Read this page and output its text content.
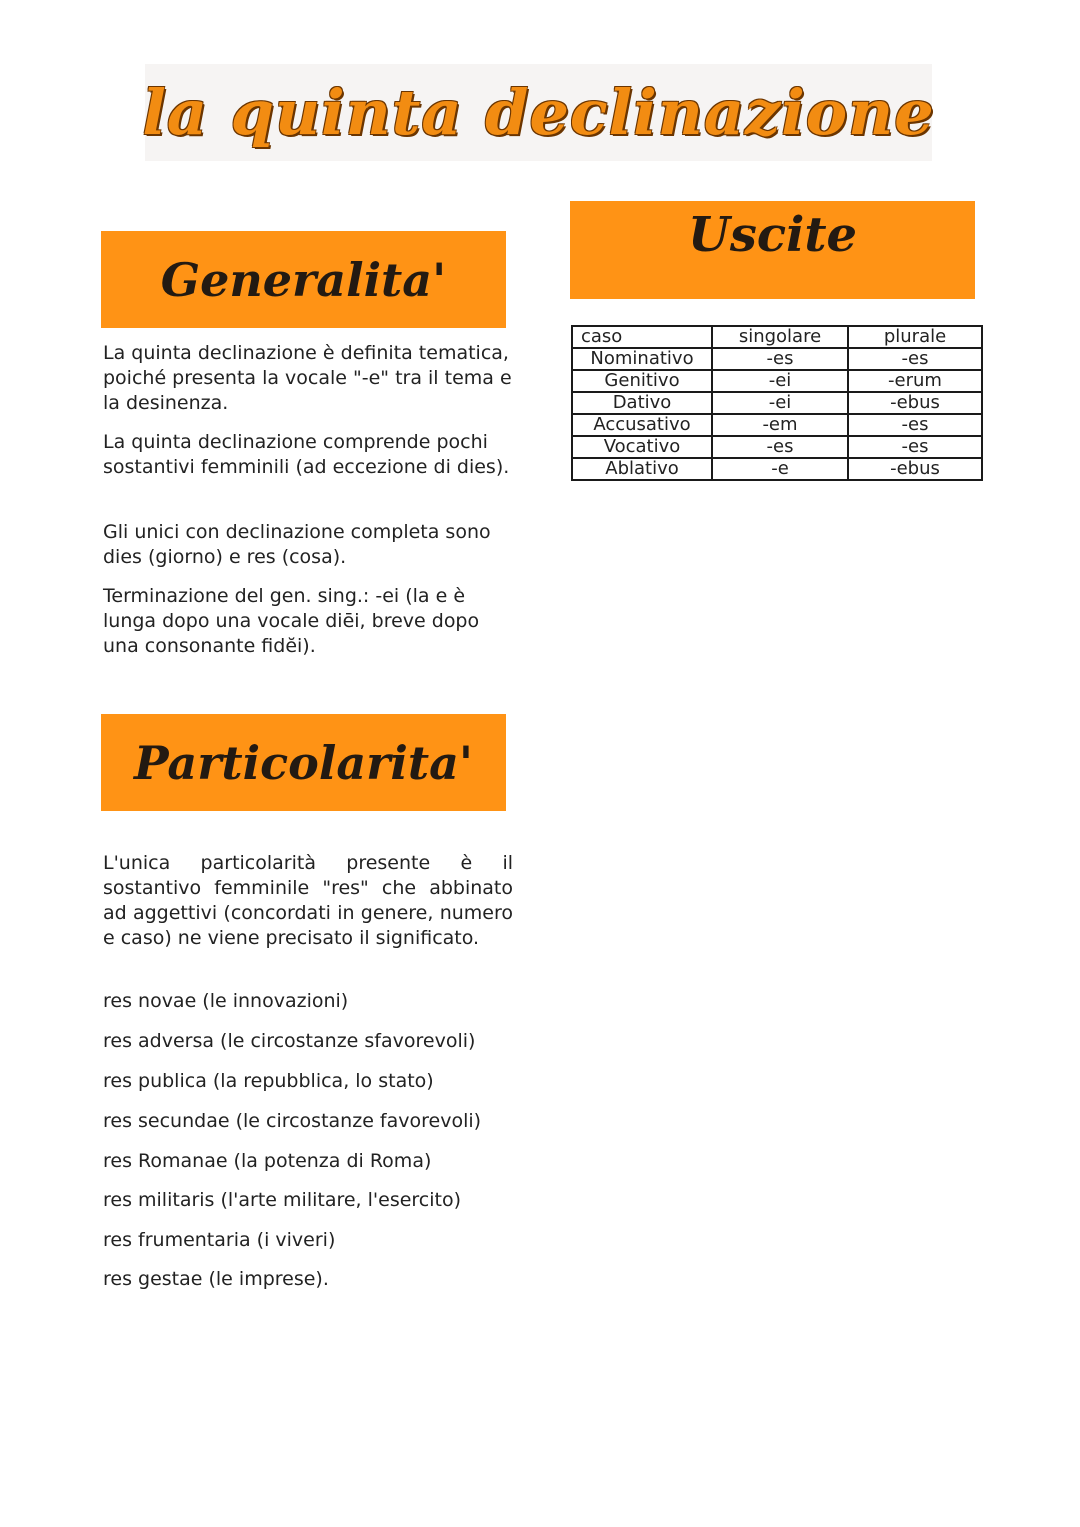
la quinta declinazione
Generalita'

La quinta declinazione è definita tematica, poiché presenta la vocale "-e" tra il tema e la desinenza.

La quinta declinazione comprende pochi sostantivi femminili (ad eccezione di dies).

Gli unici con declinazione completa sono dies (giorno) e res (cosa).

Terminazione del gen. sing.: -ei (la e è lunga dopo una vocale diēi, breve dopo una consonante fidĕi).

Uscite
caso	singolare	plurale
Nominativo	-es	-es
Genitivo	-ei	-erum
Dativo	-ei	-ebus
Accusativo	-em	-es
Vocativo	-es	-es
Ablativo	-e	-ebus
Particolarita'

L'unica particolarità presente è il sostantivo femminile "res" che abbinato ad aggettivi (concordati in genere, numero e caso) ne viene precisato il significato.

res novae (le innovazioni)
res adversa (le circostanze sfavorevoli)
res publica (la repubblica, lo stato)
res secundae (le circostanze favorevoli)
res Romanae (la potenza di Roma)
res militaris (l'arte militare, l'esercito)
res frumentaria (i viveri)
res gestae (le imprese).
